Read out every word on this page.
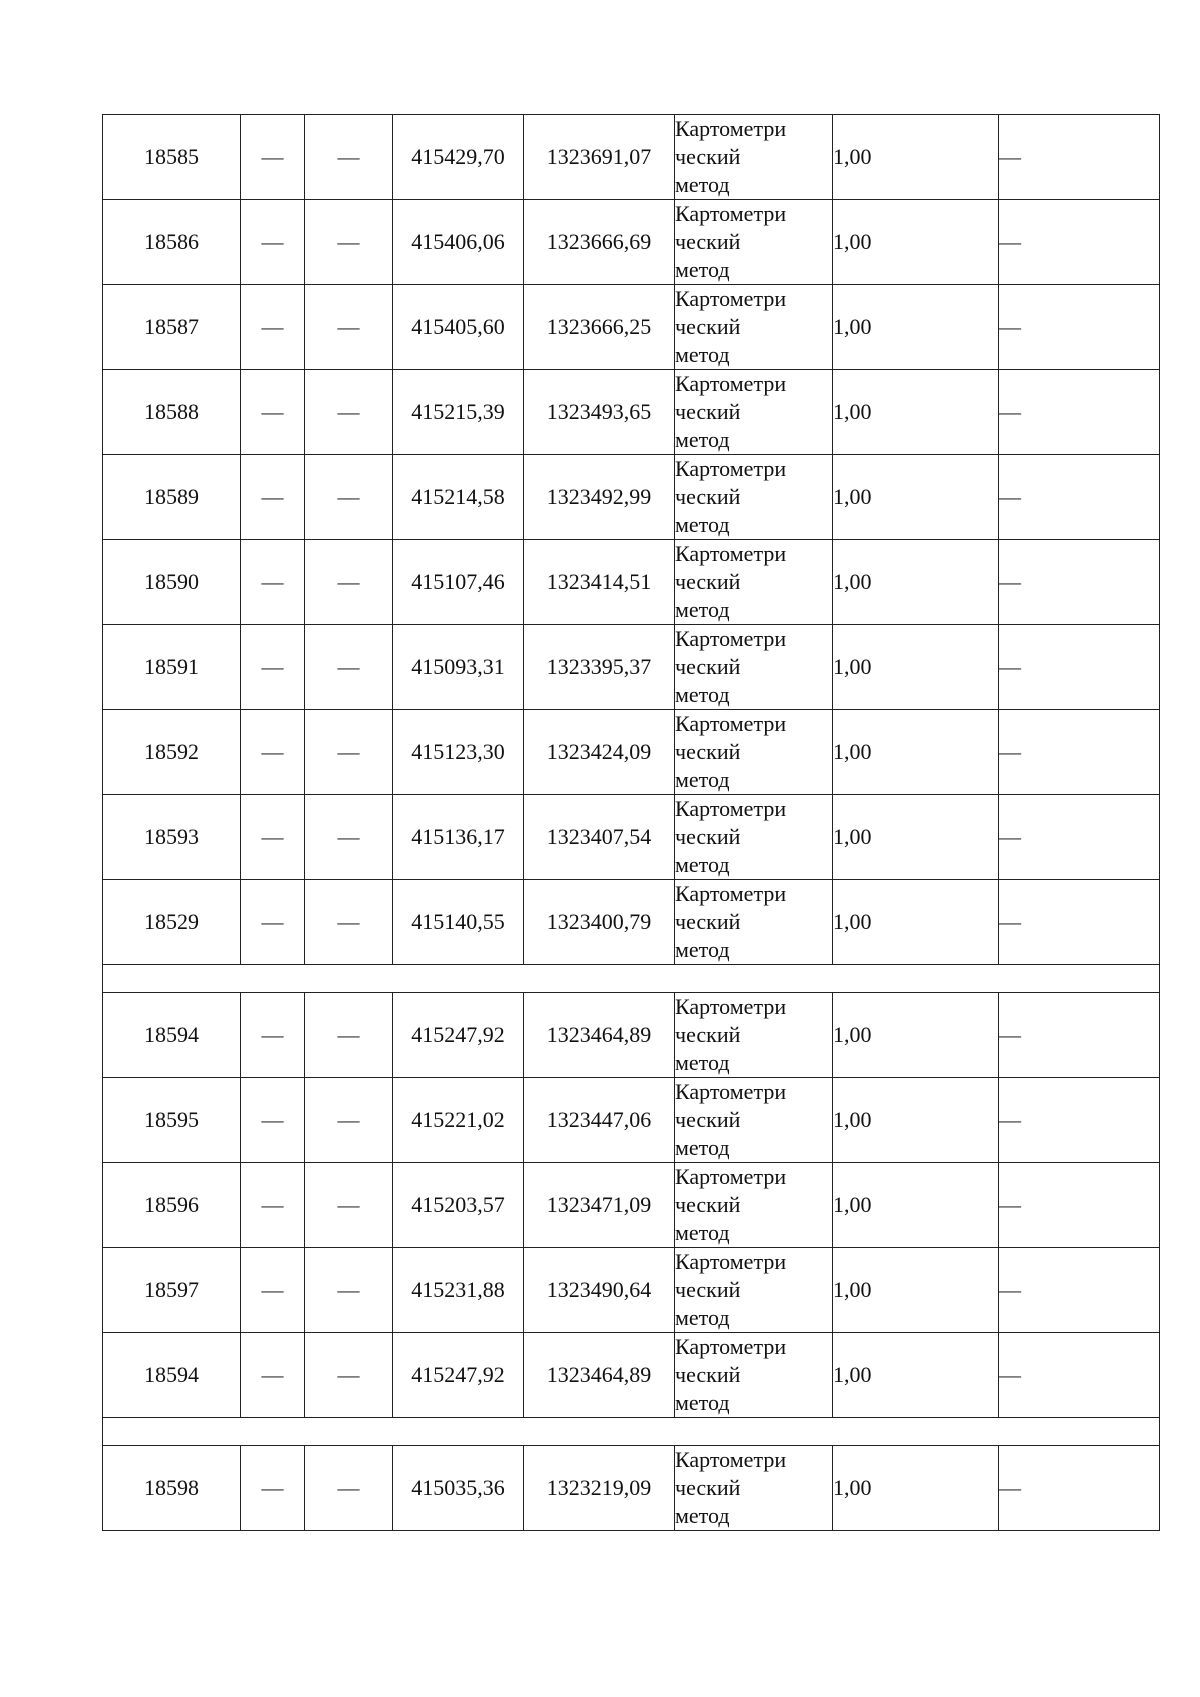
18585	—	—	415429,70	1323691,07	Картометри
ческий
метод	1,00	—
18586	—	—	415406,06	1323666,69	Картометри
ческий
метод	1,00	—
18587	—	—	415405,60	1323666,25	Картометри
ческий
метод	1,00	—
18588	—	—	415215,39	1323493,65	Картометри
ческий
метод	1,00	—
18589	—	—	415214,58	1323492,99	Картометри
ческий
метод	1,00	—
18590	—	—	415107,46	1323414,51	Картометри
ческий
метод	1,00	—
18591	—	—	415093,31	1323395,37	Картометри
ческий
метод	1,00	—
18592	—	—	415123,30	1323424,09	Картометри
ческий
метод	1,00	—
18593	—	—	415136,17	1323407,54	Картометри
ческий
метод	1,00	—
18529	—	—	415140,55	1323400,79	Картометри
ческий
метод	1,00	—

18594	—	—	415247,92	1323464,89	Картометри
ческий
метод	1,00	—
18595	—	—	415221,02	1323447,06	Картометри
ческий
метод	1,00	—
18596	—	—	415203,57	1323471,09	Картометри
ческий
метод	1,00	—
18597	—	—	415231,88	1323490,64	Картометри
ческий
метод	1,00	—
18594	—	—	415247,92	1323464,89	Картометри
ческий
метод	1,00	—

18598	—	—	415035,36	1323219,09	Картометри
ческий
метод	1,00	—
